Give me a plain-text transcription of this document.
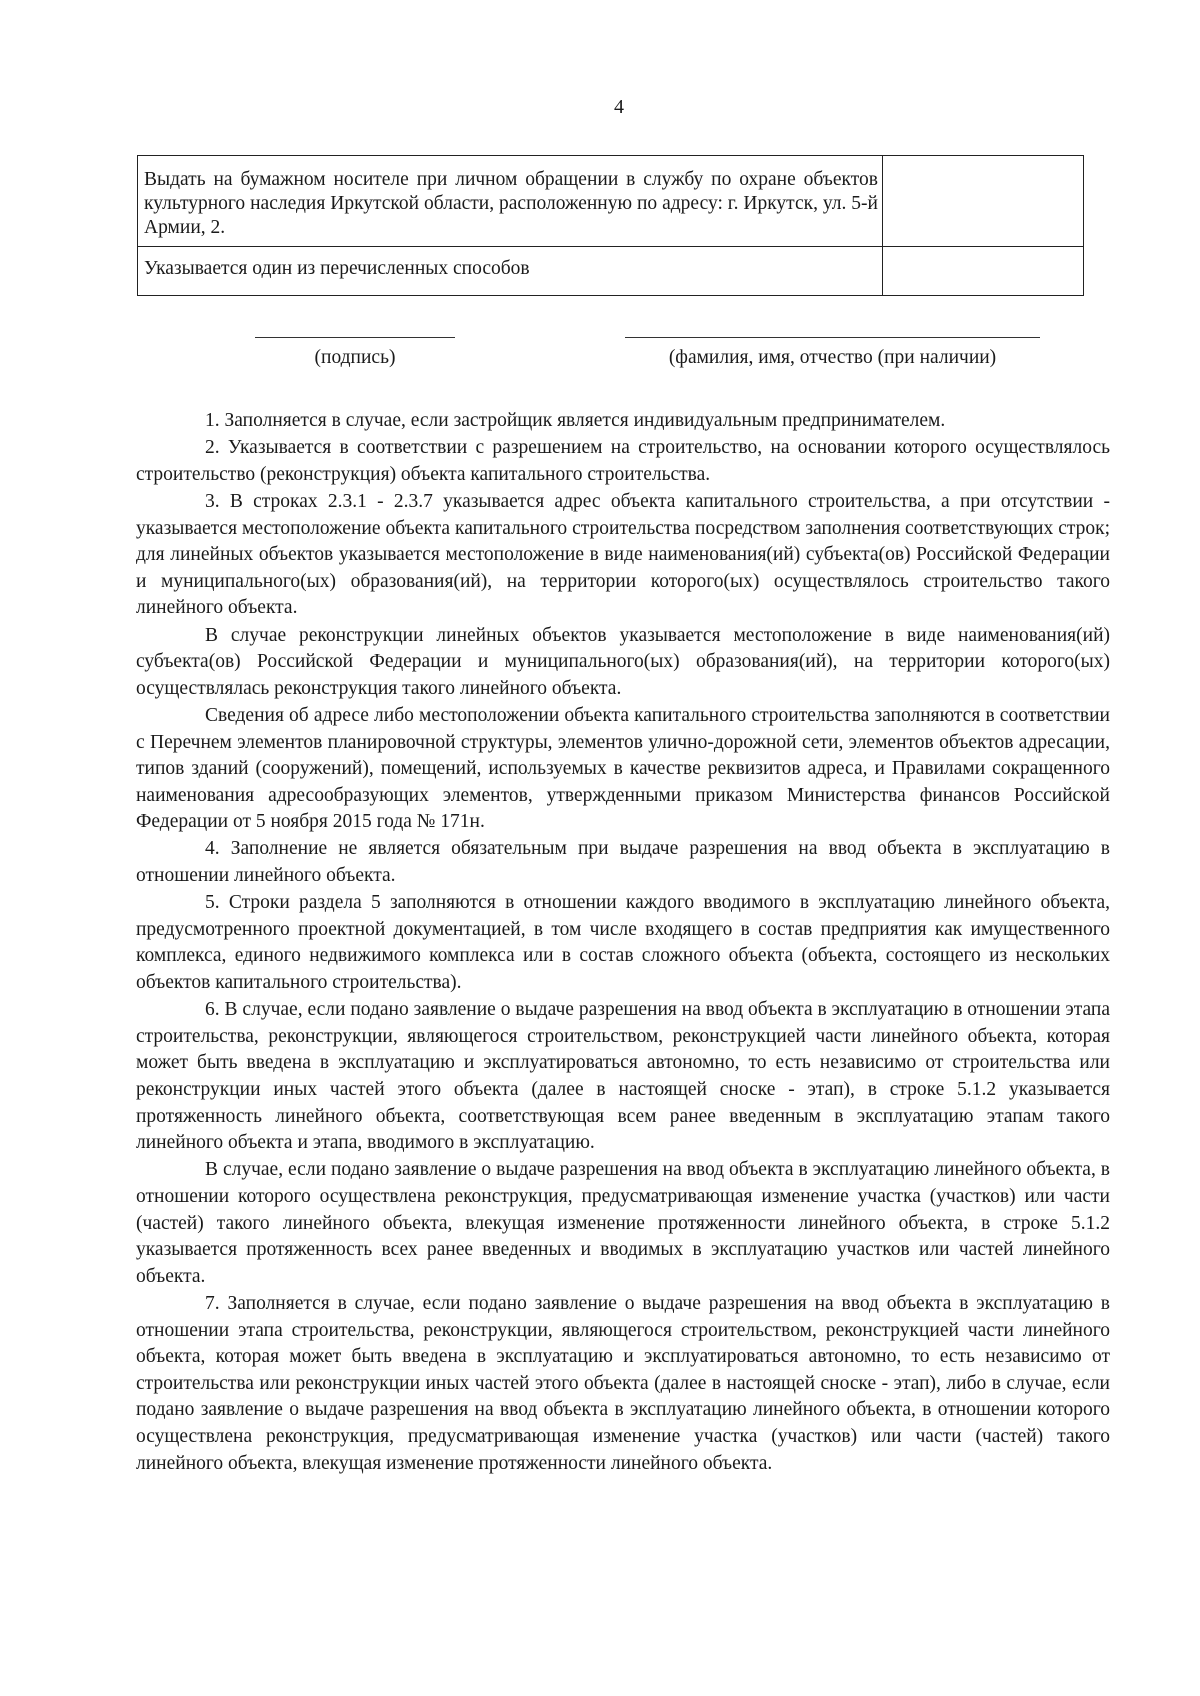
4

Выдать на бумажном носителе при личном обращении в службу по охране объектов культурного наследия Иркутской области, расположенную по адресу: г. Иркутск, ул. 5-й Армии, 2.	
Указывается один из перечисленных способов	
(подпись)	(фамилия, имя, отчество (при наличии)

1. Заполняется в случае, если застройщик является индивидуальным предпринимателем.

2. Указывается в соответствии с разрешением на строительство, на основании которого осуществлялось строительство (реконструкция) объекта капитального строительства.

3. В строках 2.3.1 - 2.3.7 указывается адрес объекта капитального строительства, а при отсутствии - указывается местоположение объекта капитального строительства посредством заполнения соответствующих строк; для линейных объектов указывается местоположение в виде наименования(ий) субъекта(ов) Российской Федерации и муниципального(ых) образования(ий), на территории которого(ых) осуществлялось строительство такого линейного объекта.

В случае реконструкции линейных объектов указывается местоположение в виде наименования(ий) субъекта(ов) Российской Федерации и муниципального(ых) образования(ий), на территории которого(ых) осуществлялась реконструкция такого линейного объекта.

Сведения об адресе либо местоположении объекта капитального строительства заполняются в соответствии с Перечнем элементов планировочной структуры, элементов улично-дорожной сети, элементов объектов адресации, типов зданий (сооружений), помещений, используемых в качестве реквизитов адреса, и Правилами сокращенного наименования адресообразующих элементов, утвержденными приказом Министерства финансов Российской Федерации от 5 ноября 2015 года № 171н.

4. Заполнение не является обязательным при выдаче разрешения на ввод объекта в эксплуатацию в отношении линейного объекта.

5. Строки раздела 5 заполняются в отношении каждого вводимого в эксплуатацию линейного объекта, предусмотренного проектной документацией, в том числе входящего в состав предприятия как имущественного комплекса, единого недвижимого комплекса или в состав сложного объекта (объекта, состоящего из нескольких объектов капитального строительства).

6. В случае, если подано заявление о выдаче разрешения на ввод объекта в эксплуатацию в отношении этапа строительства, реконструкции, являющегося строительством, реконструкцией части линейного объекта, которая может быть введена в эксплуатацию и эксплуатироваться автономно, то есть независимо от строительства или реконструкции иных частей этого объекта (далее в настоящей сноске - этап), в строке 5.1.2 указывается протяженность линейного объекта, соответствующая всем ранее введенным в эксплуатацию этапам такого линейного объекта и этапа, вводимого в эксплуатацию.

В случае, если подано заявление о выдаче разрешения на ввод объекта в эксплуатацию линейного объекта, в отношении которого осуществлена реконструкция, предусматривающая изменение участка (участков) или части (частей) такого линейного объекта, влекущая изменение протяженности линейного объекта, в строке 5.1.2 указывается протяженность всех ранее введенных и вводимых в эксплуатацию участков или частей линейного объекта.

7. Заполняется в случае, если подано заявление о выдаче разрешения на ввод объекта в эксплуатацию в отношении этапа строительства, реконструкции, являющегося строительством, реконструкцией части линейного объекта, которая может быть введена в эксплуатацию и эксплуатироваться автономно, то есть независимо от строительства или реконструкции иных частей этого объекта (далее в настоящей сноске - этап), либо в случае, если подано заявление о выдаче разрешения на ввод объекта в эксплуатацию линейного объекта, в отношении которого осуществлена реконструкция, предусматривающая изменение участка (участков) или части (частей) такого линейного объекта, влекущая изменение протяженности линейного объекта.
